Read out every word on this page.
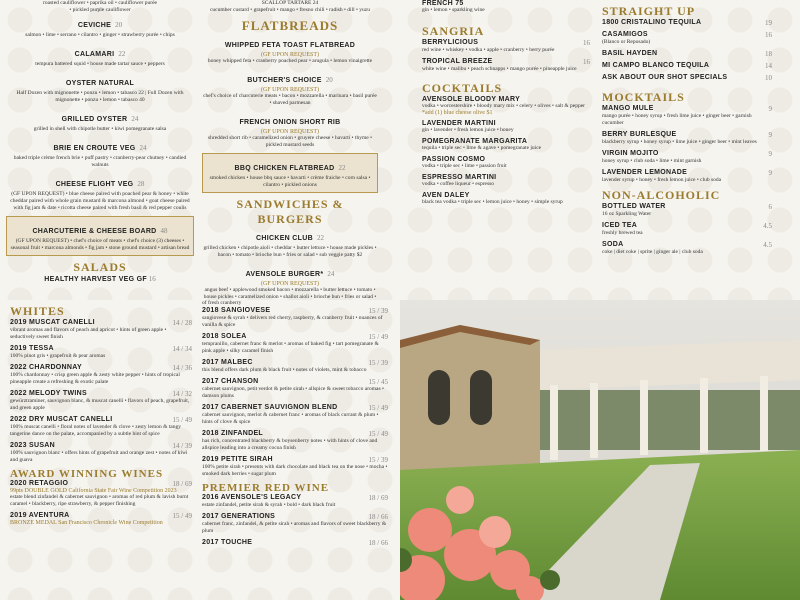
roasted cauliflower • paprika oil • cauliflower purée
• pickled purple cauliflower
CEVICHE 20
salmon • lime • serrano • cilantro • ginger • strawberry purée • chips
CALAMARI 22
tempura battered squid • house made tartar sauce • peppers
OYSTER NATURAL
Half Dozen with mignonette • ponzu • lemon • tabasco 22 | Full Dozen with mignonette • ponzu • lemon • tabasco 40
GRILLED OYSTER 24
grilled in shell with chipotle butter • kiwi pomegranate salsa
BRIE EN CROUTE VEG 24
baked triple crème french brie • puff pastry • cranberry-pear chutney • candied walnuts
CHEESE FLIGHT VEG 28
(GF UPON REQUEST) • blue cheese paired with poached pear & honey • white cheddar paired with whole grain mustard & marcona almond • goat cheese paired with fig jam & date • ricotta cheese paired with fresh basil & red pepper coulis
CHARCUTERIE & CHEESE BOARD 48
(GF UPON REQUEST) • chef's choice of meats • chef's choice (3) cheeses • seasonal fruit • marcona almonds • fig jam • stone ground mustard • artisan bread
SALADS
HEALTHY HARVEST VEG GF 16
SCALLOP TARTARE 24
cucumber custard • grapefruit • mango • fresno chili • radish • dill • yuzu
FLATBREADS
WHIPPED FETA TOAST FLATBREAD
(GF UPON REQUEST)
honey whipped feta • cranberry poached pear • arugula • lemon vinaigrette
BUTCHER'S CHOICE 20
(GF UPON REQUEST)
chef's choice of charcuterie meats • bacon • mozzarella • marinara • basil purée • shaved parmesan
FRENCH ONION SHORT RIB
(GF UPON REQUEST)
shredded short rib • caramelized onion • gruyere cheese • havarti • thyme • pickled mustard seeds
BBQ CHICKEN FLATBREAD 22
smoked chicken • house bbq sauce • havarti • crème fraiche • corn salsa • cilantro • pickled onions
SANDWICHES & BURGERS
CHICKEN CLUB 22
grilled chicken • chipotle aioli • cheddar • butter lettuce • house made pickles • bacon • tomato • brioche bun • fries or salad • sub veggie patty $2
AVENSOLE BURGER* 24
(GF UPON REQUEST)
angus beef • applewood smoked bacon • mozzarella • butter lettuce • tomato • house pickles • caramelized onion • shallot aioli • brioche bun • fries or salad •
FRENCH 75
gin • lemon • sparkling wine
SANGRIA
BERRYLICIOUS	16
red wine • whiskey • vodka • apple • cranberry • berry purée
TROPICAL BREEZE	16
white wine • malibu • peach schnapps • mango purée • pineapple juice
COCKTAILS
AVENSOLE BLOODY MARY
vodka • worcestershire • bloody mary mix • celery • olives • salt & pepper
*add (1) blue cheese olive $1
LAVENDER MARTINI
gin • lavender • fresh lemon juice • honey
POMEGRANATE MARGARITA
tequila • triple sec • lime & agave • pomegranate juice
PASSION COSMO
vodka • triple sec • lime • passion fruit
ESPRESSO MARTINI
vodka • coffee liqueur • espresso
AVEN DALEY
black tea vodka • triple sec • lemon juice • honey • simple syrup
STRAIGHT UP
1800 CRISTALINO TEQUILA	19
CASAMIGOS	16
(Blanco or Reposado)
BASIL HAYDEN	18
MI CAMPO BLANCO TEQUILA	14
ASK ABOUT OUR SHOT SPECIALS	10
MOCKTAILS
MANGO MULE	9
mango purée • honey syrup • fresh lime juice • ginger beer • garnish cucumber
BERRY BURLESQUE	9
blackberry syrup • honey syrup • lime juice • ginger beer • mint leaves
VIRGIN MOJITO	9
honey syrup • club soda • lime • mint garnish
LAVENDER LEMONADE	9
lavender syrup • honey • fresh lemon juice • club soda
NON-ALCOHOLIC
BOTTLED WATER	6
16 oz Sparkling Water
ICED TEA	4.5
freshly brewed tea
SODA	4.5
coke | diet coke | sprite | ginger ale | club soda
WHITES
2019 MUSCAT CANELLI	14 / 28
vibrant aromas and flavors of peach and apricot • hints of green apple • seductively sweet finish
2019 TESSA	14 / 34
100% pinot gris • grapefruit & pear aromas
2022 CHARDONNAY	14 / 36
100% chardonnay • crisp green apple & zesty white pepper • hints of tropical pineapple create a refreshing & exotic palate
2022 MELODY TWINS	14 / 32
gewürztraminer, sauvignon blanc, & muscat canelli • flavors of peach, grapefruit, and green apple
2022 DRY MUSCAT CANELLI	15 / 49
100% muscat canelli • floral notes of lavender & clove • zesty lemon & tangy tangerine dance on the palate, accompanied by a subtle hint of spice
2023 SUSAN	14 / 39
100% sauvignon blanc • offers hints of grapefruit and orange zest • notes of kiwi and guava
AWARD WINNING WINES
2020 RETAGGIO	18 / 69
99pts DOUBLE GOLD California State Fair Wine Competition 2023
estate blend zinfandel & cabernet sauvignon • aromas of red plum & lavish burnt caramel • blackberry, ripe strawberry, & pepper finishing
2019 AVENTURA	15 / 49
BRONZE MEDAL San Francisco Chronicle Wine Competition
of fresh cranberry
2018 SANGIOVESE	15 / 39
sangiovese & syrah • delivers red cherry, raspberry, & cranberry fruit • nuances of vanilla & spice
2018 SOLEA	15 / 49
tempranillo, cabernet franc & merlot • aromas of baked fig • tart pomegranate & pink apple • silky caramel finish
2017 MALBEC	15 / 39
this blend offers dark plum & black fruit • notes of violets, mint & tobacco
2017 CHANSON	15 / 45
cabernet sauvignon, petit verdot & petite sirah • allspice & sweet tobacco aromas • damson plums
2017 CABERNET SAUVIGNON BLEND	15 / 49
cabernet sauvignon, merlot & cabernet franc • aromas of black currant & plum • hints of clove & spice
2018 ZINFANDEL	15 / 49
has rich, concentrated blackberry & boysenberry notes • with hints of clove and allspice leading into a creamy cocoa finish
2019 PETITE SIRAH	15 / 39
100% petite sirah • presents with dark chocolate and black tea on the nose • mocha • smoked dark berries • sugar plum
PREMIER RED WINE
2016 AVENSOLE'S LEGACY	18 / 69
estate zinfandel, petite sirah & syrah • bold • dark black fruit
2017 GENERATIONS	18 / 66
cabernet franc, zinfandel, & petite sirah • aromas and flavors of sweet blackberry & plum
2017 TOUCHE	18 / 66
